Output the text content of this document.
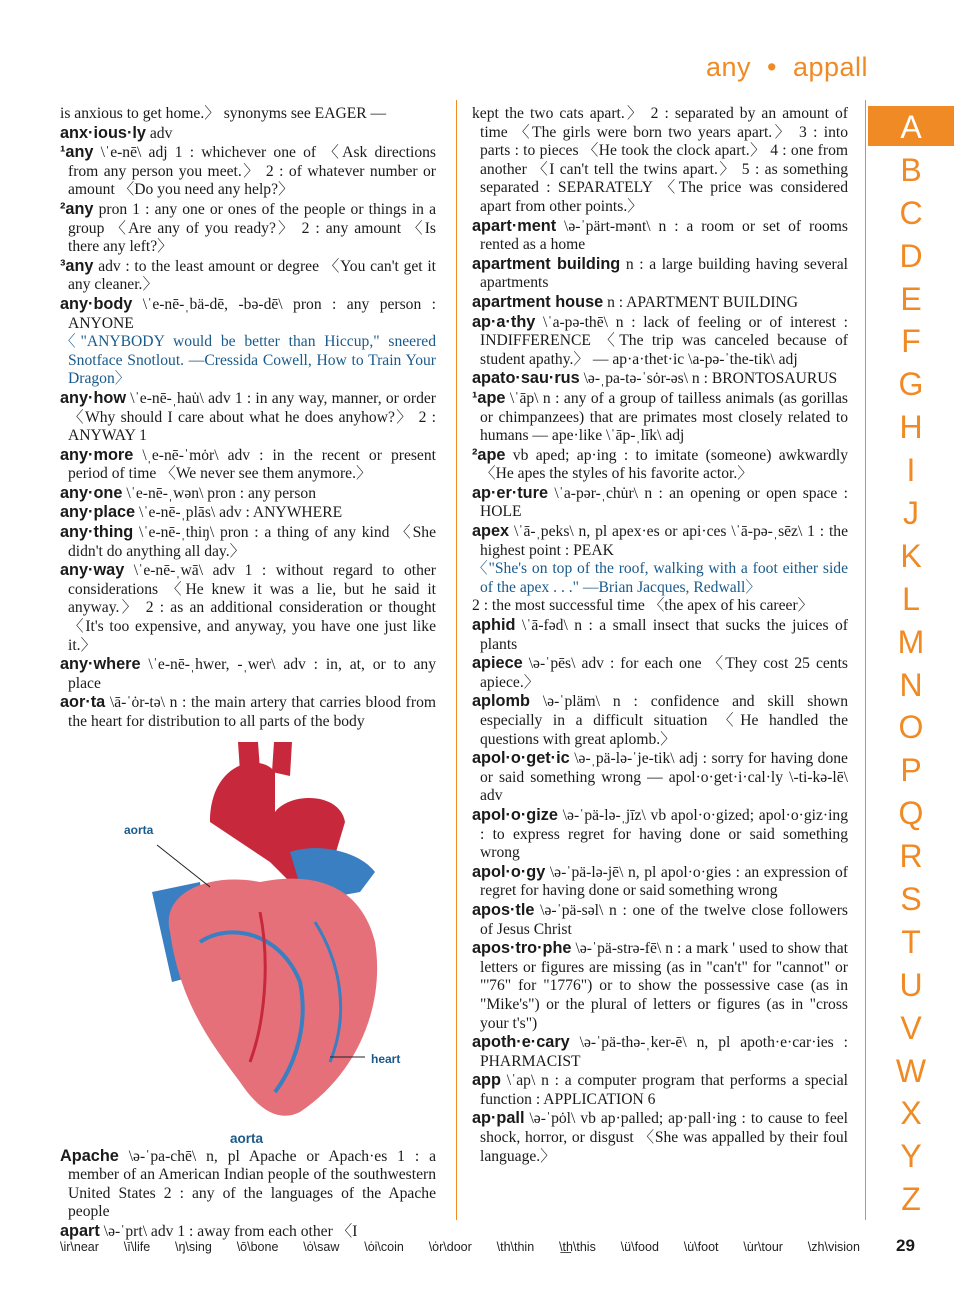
any • appall

is anxious to get home.〉 synonyms see EAGER —

anx·ious·ly adv

¹any \ˈe-nē\ adj 1 : whichever one of 〈Ask directions from any person you meet.〉 2 : of whatever number or amount 〈Do you need any help?〉

²any pron 1 : any one or ones of the people or things in a group 〈Are any of you ready?〉 2 : any amount 〈Is there any left?〉

³any adv : to the least amount or degree 〈You can't get it any cleaner.〉

any·body \ˈe-nē-ˌbä-dē, -bə-dē\ pron : any person : ANYONE

〈"ANYBODY would be better than Hiccup," sneered Snotface Snotlout. —Cressida Cowell, How to Train Your Dragon〉

any·how \ˈe-nē-ˌhau̇\ adv 1 : in any way, manner, or order 〈Why should I care about what he does anyhow?〉 2 : ANYWAY 1

any·more \ˌe-nē-ˈmȯr\ adv : in the recent or present period of time 〈We never see them anymore.〉

any·one \ˈe-nē-ˌwən\ pron : any person

any·place \ˈe-nē-ˌplās\ adv : ANYWHERE

any·thing \ˈe-nē-ˌthiŋ\ pron : a thing of any kind 〈She didn't do anything all day.〉

any·way \ˈe-nē-ˌwā\ adv 1 : without regard to other considerations 〈He knew it was a lie, but he said it anyway.〉 2 : as an additional consideration or thought 〈It's too expensive, and anyway, you have one just like it.〉

any·where \ˈe-nē-ˌhwer, -ˌwer\ adv : in, at, or to any place

aor·ta \ā-ˈȯr-tə\ n : the main artery that carries blood from the heart for distribution to all parts of the body

aorta
heart
aorta

Apache \ə-ˈpa-chē\ n, pl Apache or Apach·es 1 : a member of an American Indian people of the southwestern United States 2 : any of the languages of the Apache people

apart \ə-ˈprt\ adv 1 : away from each other 〈I

kept the two cats apart.〉 2 : separated by an amount of time 〈The girls were born two years apart.〉 3 : into parts : to pieces 〈He took the clock apart.〉 4 : one from another 〈I can't tell the twins apart.〉 5 : as something separated : SEPARATELY 〈The price was considered apart from other points.〉

apart·ment \ə-ˈpärt-mənt\ n : a room or set of rooms rented as a home

apartment building n : a large building having several apartments

apartment house n : APARTMENT BUILDING

ap·a·thy \ˈa-pə-thē\ n : lack of feeling or of interest : INDIFFERENCE 〈The trip was canceled because of student apathy.〉 — ap·a·thet·ic \a-pə-ˈthe-tik\ adj

apato·sau·rus \ə-ˌpa-tə-ˈsȯr-əs\ n : BRONTOSAURUS

¹ape \ˈāp\ n : any of a group of tailless animals (as gorillas or chimpanzees) that are primates most closely related to humans — ape·like \ˈāp-ˌlīk\ adj

²ape vb aped; ap·ing : to imitate (someone) awkwardly 〈He apes the styles of his favorite actor.〉

ap·er·ture \ˈa-pər-ˌchu̇r\ n : an opening or open space : HOLE

apex \ˈā-ˌpeks\ n, pl apex·es or api·ces \ˈā-pə-ˌsēz\ 1 : the highest point : PEAK

〈"She's on top of the roof, walking with a foot either side of the apex . . ." —Brian Jacques, Redwall〉

2 : the most successful time 〈the apex of his career〉

aphid \ˈā-fəd\ n : a small insect that sucks the juices of plants

apiece \ə-ˈpēs\ adv : for each one 〈They cost 25 cents apiece.〉

aplomb \ə-ˈpläm\ n : confidence and skill shown especially in a difficult situation 〈He handled the questions with great aplomb.〉

apol·o·get·ic \ə-ˌpä-lə-ˈje-tik\ adj : sorry for having done or said something wrong — apol·o·get·i·cal·ly \-ti-kə-lē\ adv

apol·o·gize \ə-ˈpä-lə-ˌjīz\ vb apol·o·gized; apol·o·giz·ing : to express regret for having done or said something wrong

apol·o·gy \ə-ˈpä-lə-jē\ n, pl apol·o·gies : an expression of regret for having done or said something wrong

apos·tle \ə-ˈpä-səl\ n : one of the twelve close followers of Jesus Christ

apos·tro·phe \ə-ˈpä-strə-fē\ n : a mark ' used to show that letters or figures are missing (as in "can't" for "cannot" or "'76" for "1776") or to show the possessive case (as in "Mike's") or the plural of letters or figures (as in "cross your t's")

apoth·e·cary \ə-ˈpä-thə-ˌker-ē\ n, pl apoth·e·car·ies : PHARMACIST

app \ˈap\ n : a computer program that performs a special function : APPLICATION 6

ap·pall \ə-ˈpȯl\ vb ap·palled; ap·pall·ing : to cause to feel shock, horror, or disgust 〈She was appalled by their foul language.〉

A
B
C
D
E
F
G
H
I
J
K
L
M
N
O
P
Q
R
S
T
U
V
W
X
Y
Z
\ir\near \ī\life \ŋ\sing \ō\bone \ȯ\saw \ȯi\coin \ȯr\door \th\thin \t͟h\this \ü\food \u̇\foot \u̇r\tour \zh\vision 29
